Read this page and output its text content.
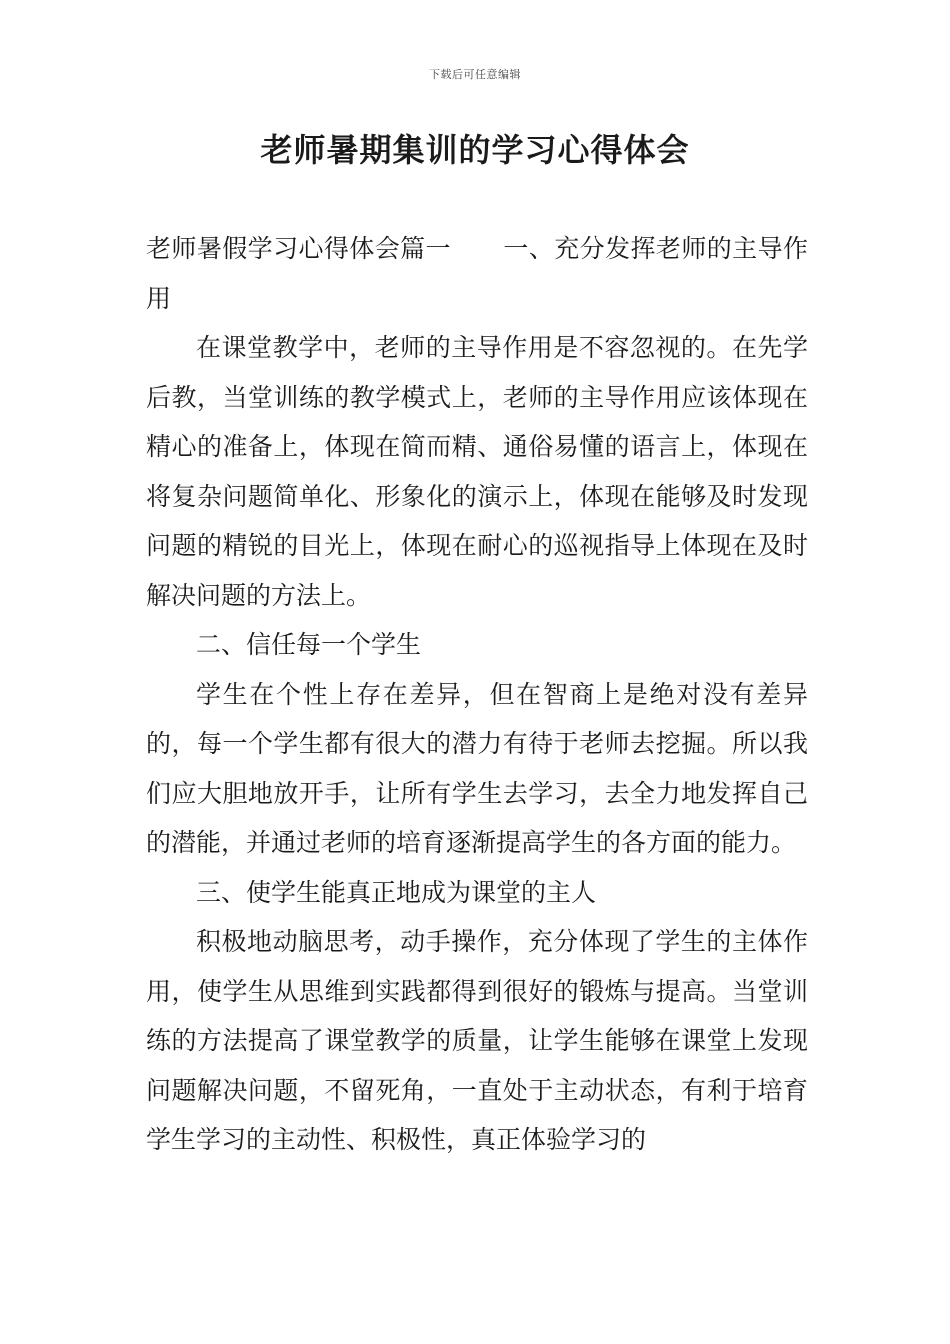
下载后可任意编辑
老师暑期集训的学习心得体会

老师暑假学习心得体会篇一 一、充分发挥老师的主导作用

在课堂教学中，老师的主导作用是不容忽视的。在先学后教，当堂训练的教学模式上，老师的主导作用应该体现在精心的准备上，体现在简而精、通俗易懂的语言上，体现在将复杂问题简单化、形象化的演示上，体现在能够及时发现问题的精锐的目光上，体现在耐心的巡视指导上体现在及时解决问题的方法上。

二、信任每一个学生

学生在个性上存在差异，但在智商上是绝对没有差异的，每一个学生都有很大的潜力有待于老师去挖掘。所以我们应大胆地放开手，让所有学生去学习，去全力地发挥自己的潜能，并通过老师的培育逐渐提高学生的各方面的能力。

三、使学生能真正地成为课堂的主人

积极地动脑思考，动手操作，充分体现了学生的主体作用，使学生从思维到实践都得到很好的锻炼与提高。当堂训练的方法提高了课堂教学的质量，让学生能够在课堂上发现问题解决问题，不留死角，一直处于主动状态，有利于培育学生学习的主动性、积极性，真正体验学习的
